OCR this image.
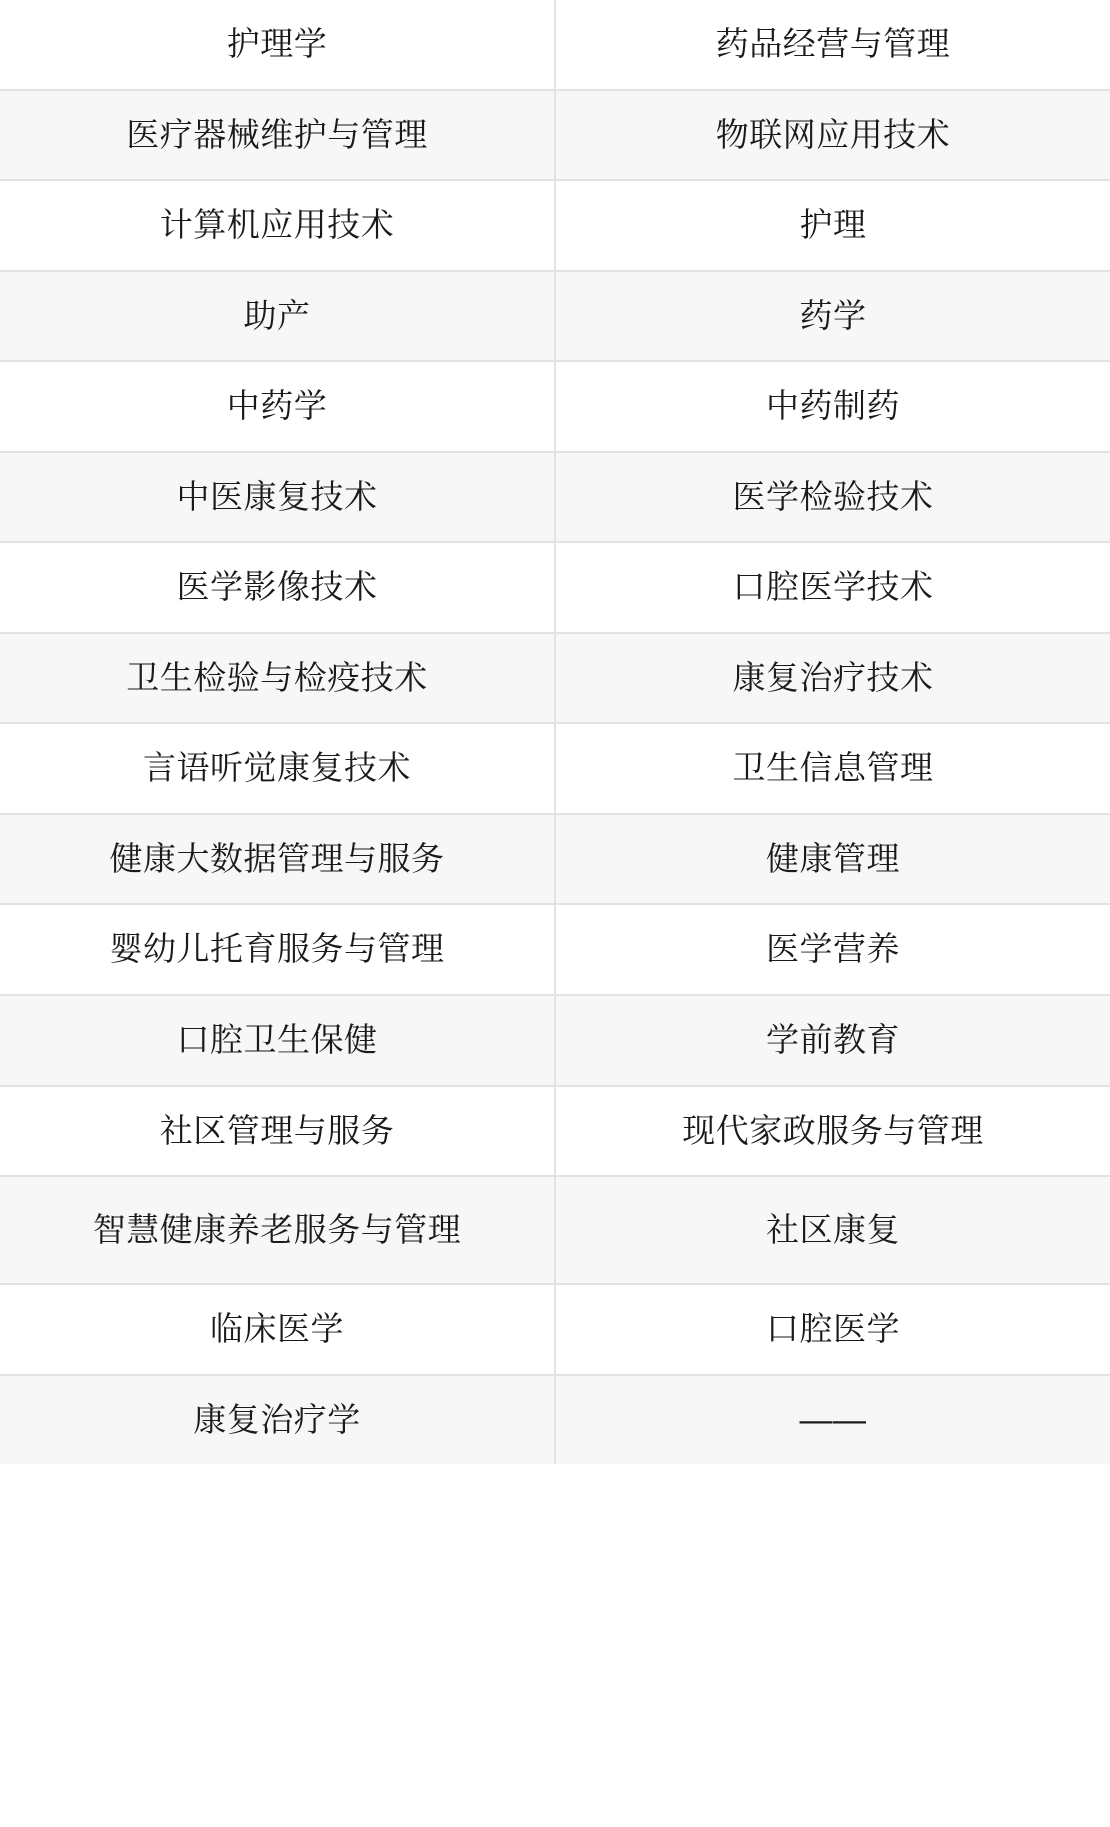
护理学	药品经营与管理
医疗器械维护与管理	物联网应用技术
计算机应用技术	护理
助产	药学
中药学	中药制药
中医康复技术	医学检验技术
医学影像技术	口腔医学技术
卫生检验与检疫技术	康复治疗技术
言语听觉康复技术	卫生信息管理
健康大数据管理与服务	健康管理
婴幼儿托育服务与管理	医学营养
口腔卫生保健	学前教育
社区管理与服务	现代家政服务与管理
智慧健康养老服务与管理	社区康复
临床医学	口腔医学
康复治疗学	——
